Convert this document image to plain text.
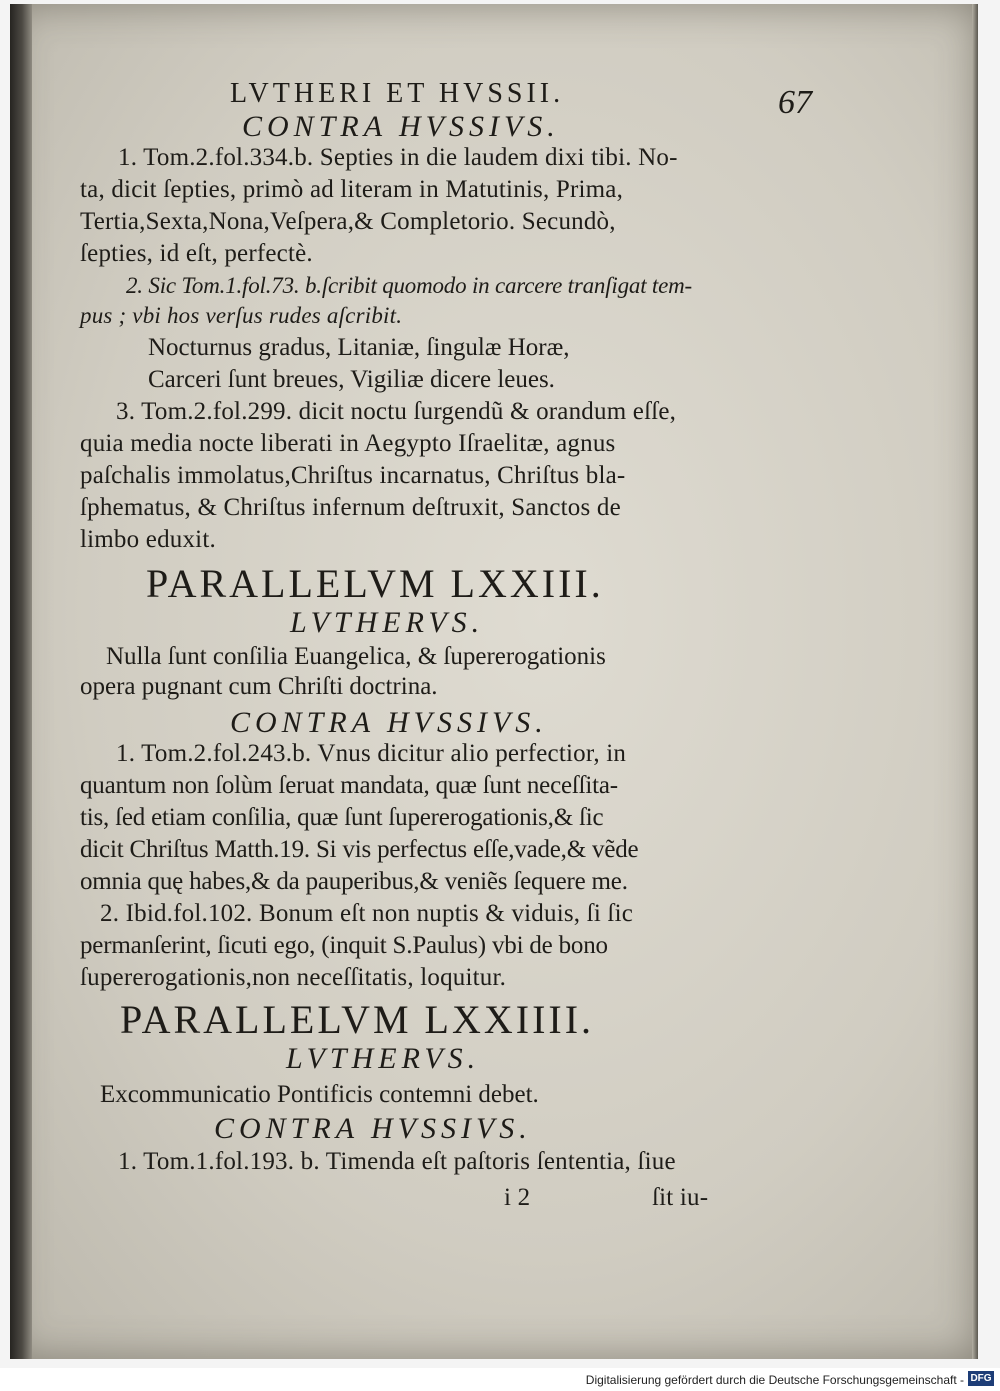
LVTHERI ET HVSSII.	67

CONTRA HVSSIVS.

1. Tom.2.fol.334.b. Septies in die laudem dixi tibi. No-

ta, dicit ſepties, primò ad literam in Matutinis, Prima,

Tertia,Sexta,Nona,Veſpera,& Completorio. Secundò,

ſepties, id eſt, perfectè.

2. Sic Tom.1.fol.73. b.ſcribit quomodo in carcere tranſigat tem-

pus ; vbi hos verſus rudes aſcribit.

Nocturnus gradus, Litaniæ, ſingulæ Horæ,

Carceri ſunt breues, Vigiliæ dicere leues.

3. Tom.2.fol.299. dicit noctu ſurgendũ & orandum eſſe,

quia media nocte liberati in Aegypto Iſraelitæ, agnus

paſchalis immolatus,Chriſtus incarnatus, Chriſtus bla-

ſphematus, & Chriſtus infernum deſtruxit, Sanctos de

limbo eduxit.

PARALLELVM LXXIII.

LVTHERVS.

Nulla ſunt conſilia Euangelica, & ſupererogationis

opera pugnant cum Chriſti doctrina.

CONTRA HVSSIVS.

1. Tom.2.fol.243.b. Vnus dicitur alio perfectior, in

quantum non ſolùm ſeruat mandata, quæ ſunt neceſſita-

tis, ſed etiam conſilia, quæ ſunt ſupererogationis,& ſic

dicit Chriſtus Matth.19. Si vis perfectus eſſe,vade,& vẽde

omnia quę habes,& da pauperibus,& veniẽs ſequere me.

2. Ibid.fol.102. Bonum eſt non nuptis & viduis, ſi ſic

permanſerint, ſicuti ego, (inquit S.Paulus) vbi de bono

ſupererogationis,non neceſſitatis, loquitur.

PARALLELVM LXXIIII.

LVTHERVS.

Excommunicatio Pontificis contemni debet.

CONTRA HVSSIVS.

1. Tom.1.fol.193. b. Timenda eſt paſtoris ſententia, ſiue

i 2	ſit iu-

Digitalisierung gefördert durch die Deutsche Forschungsgemeinschaft - DFG
